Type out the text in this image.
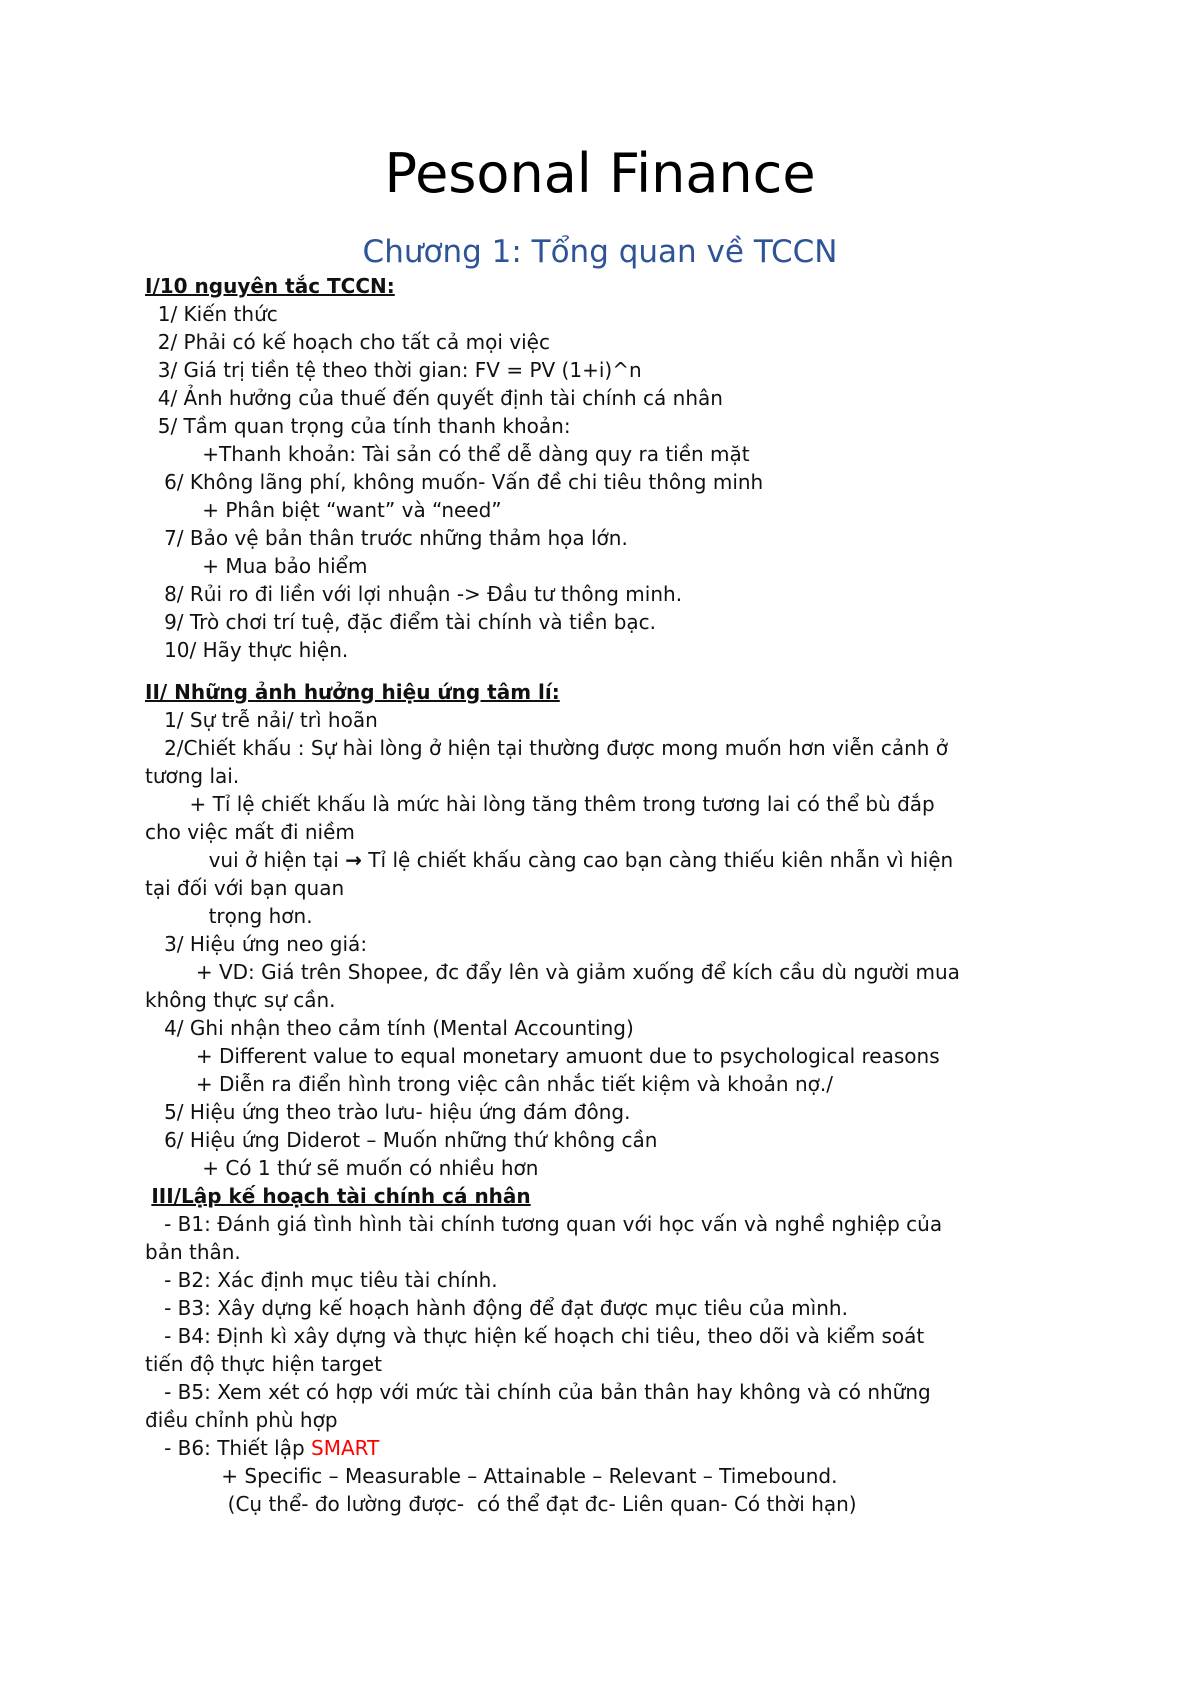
Pesonal Finance
Chương 1: Tổng quan về TCCN
I/10 nguyên tắc TCCN:
1/ Kiến thức
2/ Phải có kế hoạch cho tất cả mọi việc
3/ Giá trị tiền tệ theo thời gian: FV = PV (1+i)^n
4/ Ảnh hưởng của thuế đến quyết định tài chính cá nhân
5/ Tầm quan trọng của tính thanh khoản:
+Thanh khoản: Tài sản có thể dễ dàng quy ra tiền mặt
6/ Không lãng phí, không muốn- Vấn đề chi tiêu thông minh
+ Phân biệt “want” và “need”
7/ Bảo vệ bản thân trước những thảm họa lớn.
+ Mua bảo hiểm
8/ Rủi ro đi liền với lợi nhuận -> Đầu tư thông minh.
9/ Trò chơi trí tuệ, đặc điểm tài chính và tiền bạc.
10/ Hãy thực hiện.
II/ Những ảnh hưởng hiệu ứng tâm lí:
1/ Sự trễ nải/ trì hoãn
2/Chiết khấu : Sự hài lòng ở hiện tại thường được mong muốn hơn viễn cảnh ở
tương lai.
+ Tỉ lệ chiết khấu là mức hài lòng tăng thêm trong tương lai có thể bù đắp
cho việc mất đi niềm
vui ở hiện tại → Tỉ lệ chiết khấu càng cao bạn càng thiếu kiên nhẫn vì hiện
tại đối với bạn quan
trọng hơn.
3/ Hiệu ứng neo giá:
+ VD: Giá trên Shopee, đc đẩy lên và giảm xuống để kích cầu dù người mua
không thực sự cần.
4/ Ghi nhận theo cảm tính (Mental Accounting)
+ Different value to equal monetary amuont due to psychological reasons
+ Diễn ra điển hình trong việc cân nhắc tiết kiệm và khoản nợ./
5/ Hiệu ứng theo trào lưu- hiệu ứng đám đông.
6/ Hiệu ứng Diderot – Muốn những thứ không cần
+ Có 1 thứ sẽ muốn có nhiều hơn
III/Lập kế hoạch tài chính cá nhân
- B1: Đánh giá tình hình tài chính tương quan với học vấn và nghề nghiệp của
bản thân.
- B2: Xác định mục tiêu tài chính.
- B3: Xây dựng kế hoạch hành động để đạt được mục tiêu của mình.
- B4: Định kì xây dựng và thực hiện kế hoạch chi tiêu, theo dõi và kiểm soát
tiến độ thực hiện target
- B5: Xem xét có hợp với mức tài chính của bản thân hay không và có những
điều chỉnh phù hợp
- B6: Thiết lập SMART
+ Specific – Measurable – Attainable – Relevant – Timebound.
(Cụ thể- đo lường được-  có thể đạt đc- Liên quan- Có thời hạn)
